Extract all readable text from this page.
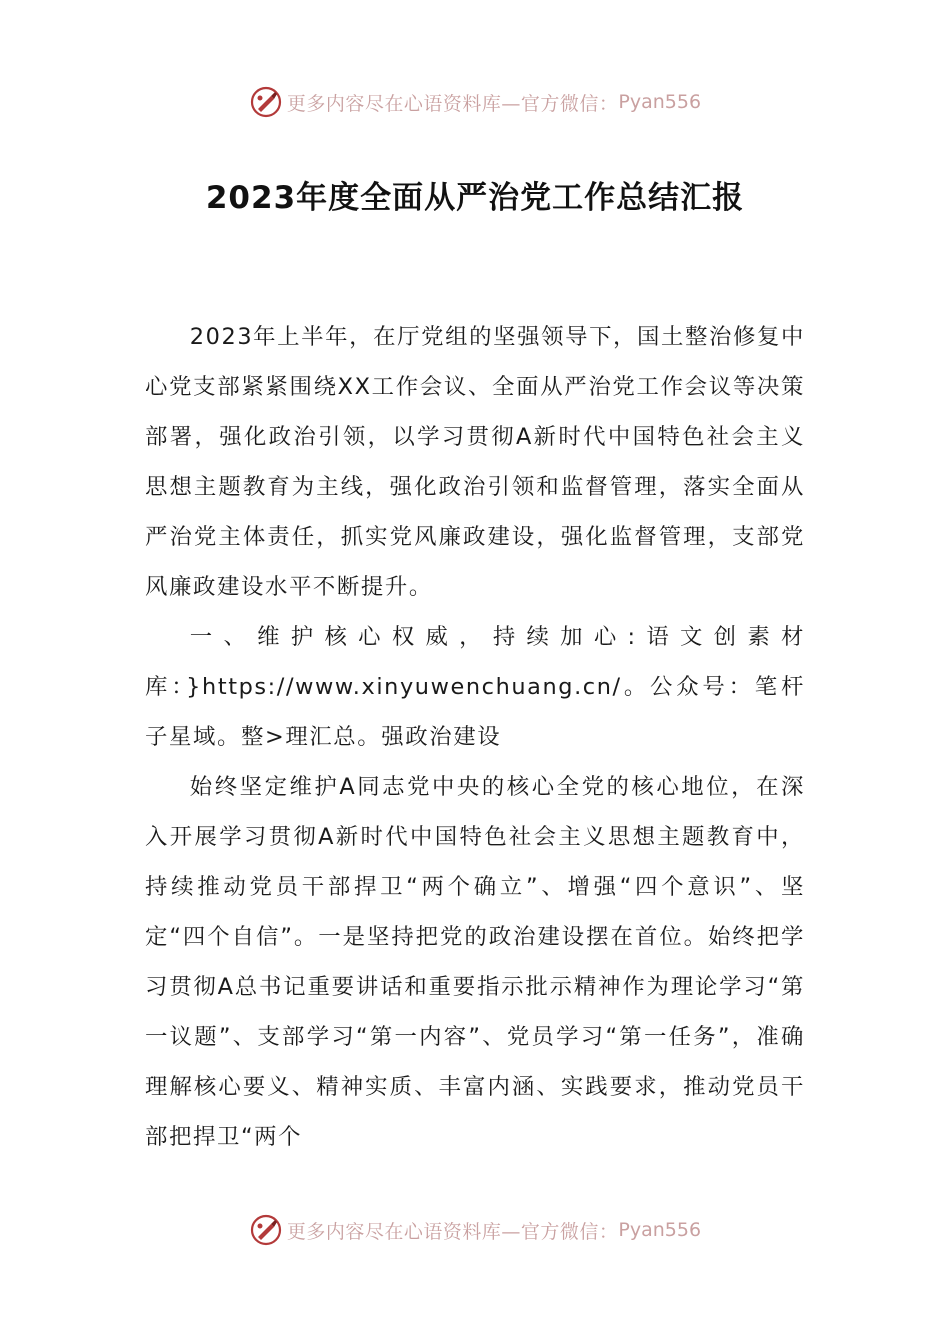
更多内容尽在心语资料库—官方微信： Pyan556
2023年度全面从严治党工作总结汇报

2023年上半年，在厅党组的坚强领导下，国土整治修复中心党支部紧紧围绕XX工作会议、全面从严治党工作会议等决策部署，强化政治引领，以学习贯彻A新时代中国特色社会主义思想主题教育为主线，强化政治引领和监督管理，落实全面从严治党主体责任，抓实党风廉政建设，强化监督管理，支部党风廉政建设水平不断提升。

一、维护核心权威，持续加心:语文创素材库：}https://www.xinyuwenchuang.cn/。公众号：笔杆子星域。整>理汇总。强政治建设

始终坚定维护A同志党中央的核心全党的核心地位，在深入开展学习贯彻A新时代中国特色社会主义思想主题教育中，持续推动党员干部捍卫“两个确立”、增强“四个意识”、坚定“四个自信”。一是坚持把党的政治建设摆在首位。始终把学习贯彻A总书记重要讲话和重要指示批示精神作为理论学习“第一议题”、支部学习“第一内容”、党员学习“第一任务”，准确理解核心要义、精神实质、丰富内涵、实践要求，推动党员干部把捍卫“两个

更多内容尽在心语资料库—官方微信： Pyan556
